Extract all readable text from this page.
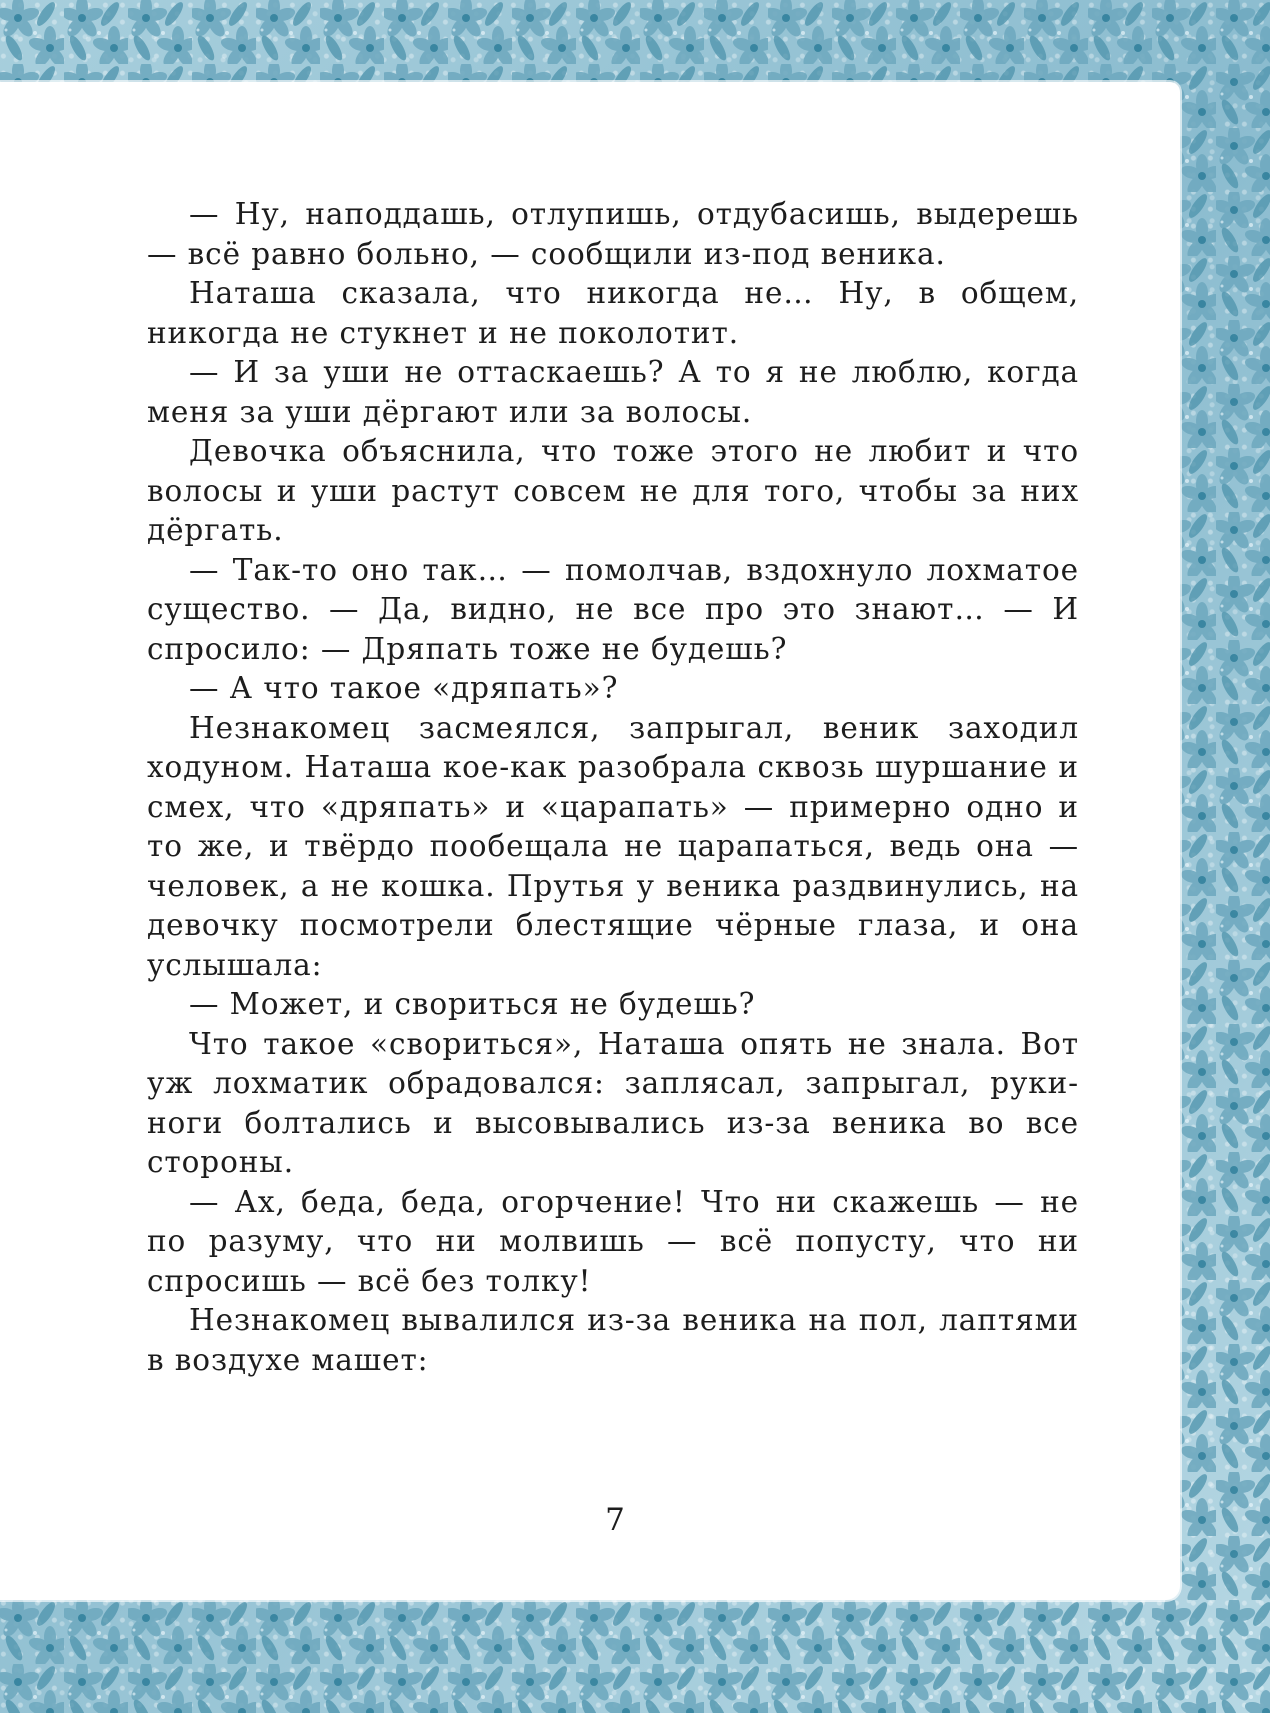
— Ну, наподдашь, отлупишь, отдубасишь, выдерешь — всё равно больно, — сообщили из-под веника.

Наташа сказала, что никогда не… Ну, в общем, никогда не стукнет и не поколотит.

— И за уши не оттаскаешь? А то я не люблю, когда меня за уши дёргают или за волосы.

Девочка объяснила, что тоже этого не любит и что волосы и уши растут совсем не для того, чтобы за них дёргать.

— Так-то оно так… — помолчав, вздохнуло лохматое существо. — Да, видно, не все про это знают… — И спросило: — Дряпать тоже не будешь?

— А что такое «дряпать»?

Незнакомец засмеялся, запрыгал, веник заходил ходуном. Наташа кое-как разобрала сквозь шуршание и смех, что «дряпать» и «царапать» — примерно одно и то же, и твёрдо пообещала не царапаться, ведь она — человек, а не кошка. Прутья у веника раздвинулись, на девочку посмотрели блестящие чёрные глаза, и она услышала:

— Может, и свориться не будешь?

Что такое «свориться», Наташа опять не знала. Вот уж лохматик обрадовался: заплясал, запрыгал, руки-ноги болтались и высовывались из-за веника во все стороны.

— Ах, беда, беда, огорчение! Что ни скажешь — не по разуму, что ни молвишь — всё попусту, что ни спросишь — всё без толку!

Незнакомец вывалился из-за веника на пол, лаптями в воздухе машет:

7
